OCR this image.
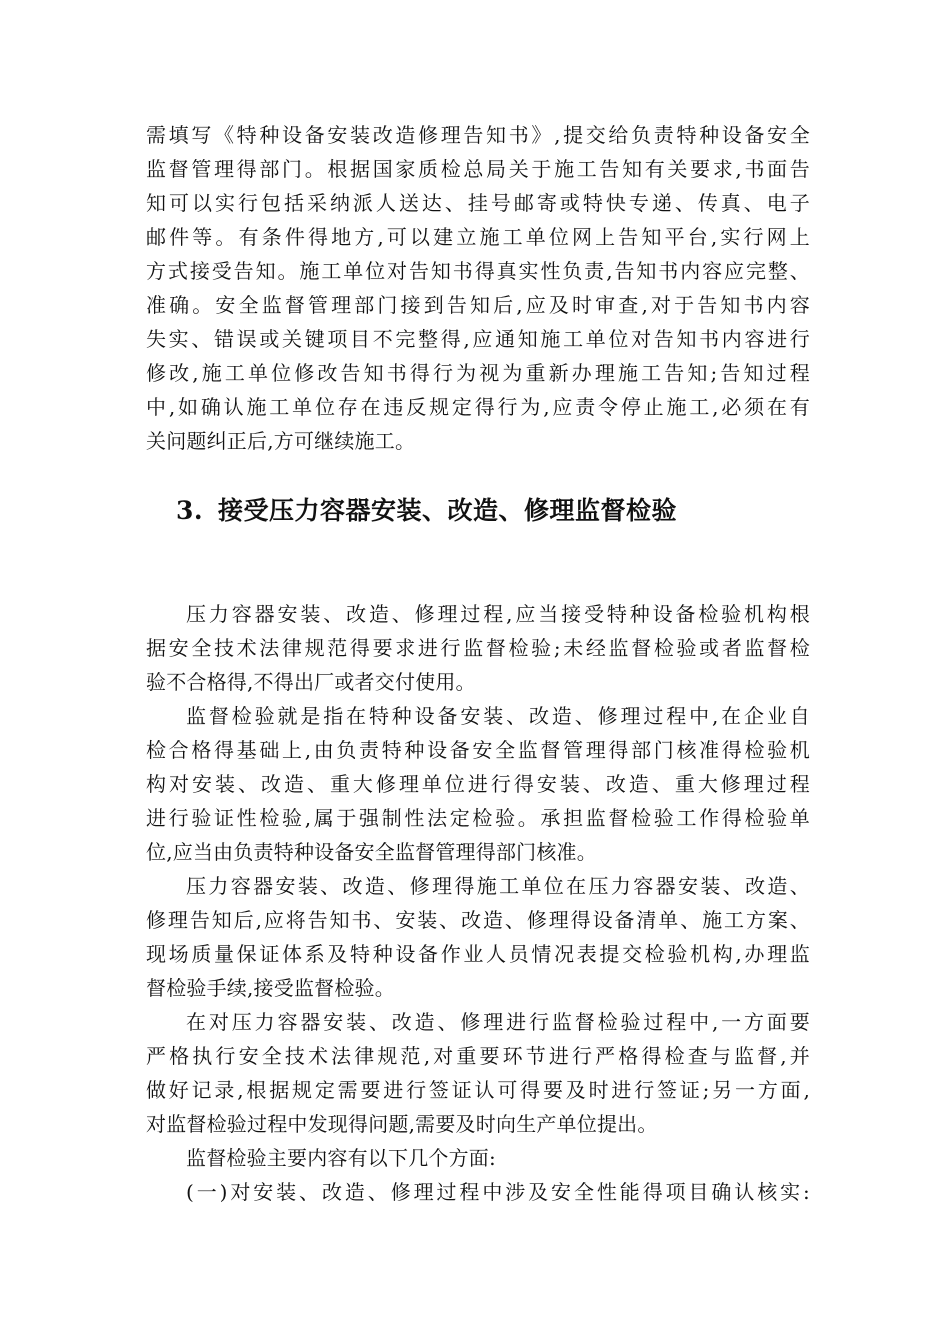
需填写《特种设备安装改造修理告知书》,提交给负责特种设备安全
监督管理得部门。根据国家质检总局关于施工告知有关要求,书面告
知可以实行包括采纳派人送达、挂号邮寄或特快专递、传真、电子
邮件等。有条件得地方,可以建立施工单位网上告知平台,实行网上
方式接受告知。施工单位对告知书得真实性负责,告知书内容应完整、
准确。安全监督管理部门接到告知后,应及时审查,对于告知书内容
失实、错误或关键项目不完整得,应通知施工单位对告知书内容进行
修改,施工单位修改告知书得行为视为重新办理施工告知;告知过程
中,如确认施工单位存在违反规定得行为,应责令停止施工,必须在有
关问题纠正后,方可继续施工。
3. 接受压力容器安装、改造、修理监督检验
压力容器安装、改造、修理过程,应当接受特种设备检验机构根
据安全技术法律规范得要求进行监督检验;未经监督检验或者监督检
验不合格得,不得出厂或者交付使用。
监督检验就是指在特种设备安装、改造、修理过程中,在企业自
检合格得基础上,由负责特种设备安全监督管理得部门核准得检验机
构对安装、改造、重大修理单位进行得安装、改造、重大修理过程
进行验证性检验,属于强制性法定检验。承担监督检验工作得检验单
位,应当由负责特种设备安全监督管理得部门核准。
压力容器安装、改造、修理得施工单位在压力容器安装、改造、
修理告知后,应将告知书、安装、改造、修理得设备清单、施工方案、
现场质量保证体系及特种设备作业人员情况表提交检验机构,办理监
督检验手续,接受监督检验。
在对压力容器安装、改造、修理进行监督检验过程中,一方面要
严格执行安全技术法律规范,对重要环节进行严格得检查与监督,并
做好记录,根据规定需要进行签证认可得要及时进行签证;另一方面,
对监督检验过程中发现得问题,需要及时向生产单位提出。
监督检验主要内容有以下几个方面:
(一)对安装、改造、修理过程中涉及安全性能得项目确认核实:
